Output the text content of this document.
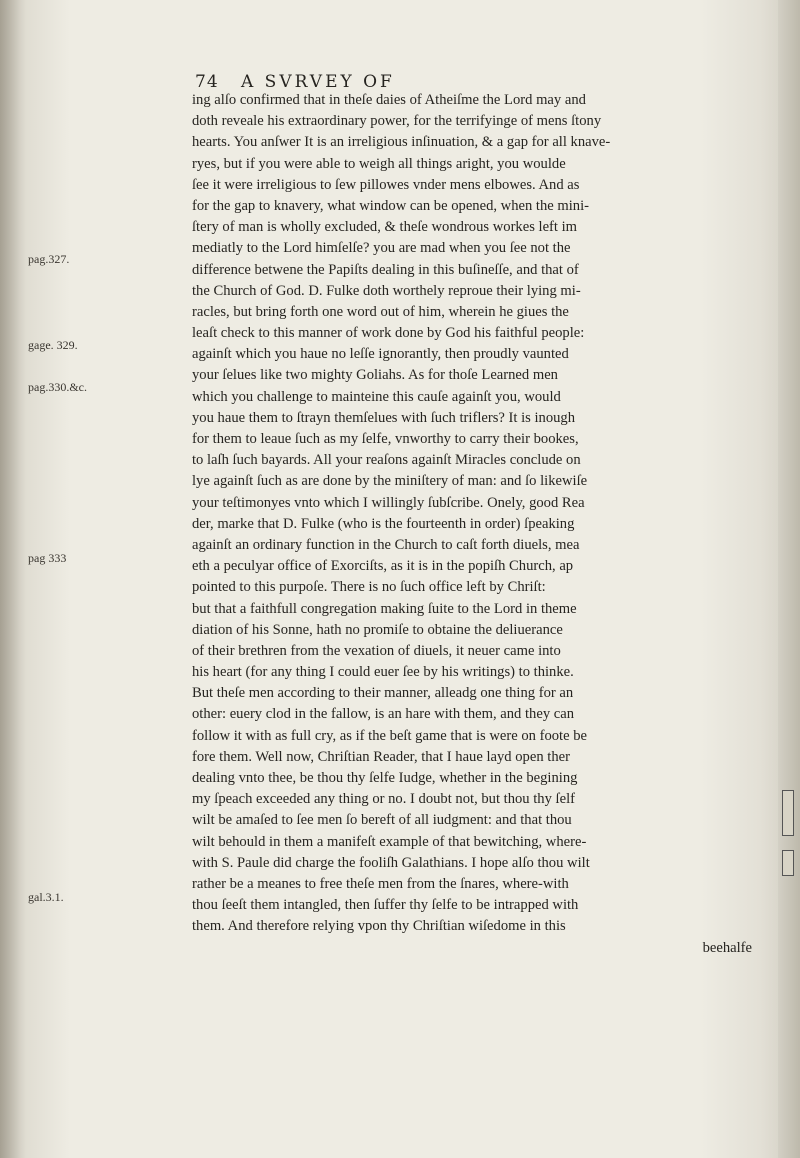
74 A SVRVEY OF
pag.327.
gage. 329.
pag.330.&c.
pag 333
gal.3.1.
ing alſo confirmed that in theſe daies of Atheiſme the Lord may and
doth reveale his extraordinary power, for the terrifyinge of mens ſtony
hearts. You anſwer It is an irreligious inſinuation, & a gap for all knave-
ryes, but if you were able to weigh all things aright, you woulde
ſee it were irreligious to ſew pillowes vnder mens elbowes. And as
for the gap to knavery, what window can be opened, when the mini-
ſtery of man is wholly excluded, & theſe wondrous workes left im
mediatly to the Lord himſelſe? you are mad when you ſee not the
difference betwene the Papiſts dealing in this buſineſſe, and that of
the Church of God. D. Fulke doth worthely reproue their lying mi-
racles, but bring forth one word out of him, wherein he giues the
leaſt check to this manner of work done by God his faithful people:
againſt which you haue no leſſe ignorantly, then proudly vaunted
your ſelues like two mighty Goliahs. As for thoſe Learned men
which you challenge to mainteine this cauſe againſt you, would
you haue them to ſtrayn themſelues with ſuch triflers? It is inough
for them to leaue ſuch as my ſelfe, vnworthy to carry their bookes,
to laſh ſuch bayards. All your reaſons againſt Miracles conclude on
lye againſt ſuch as are done by the miniſtery of man: and ſo likewiſe
your teſtimonyes vnto which I willingly ſubſcribe. Onely, good Rea
der, marke that D. Fulke (who is the fourteenth in order) ſpeaking
againſt an ordinary function in the Church to caſt forth diuels, mea
eth a peculyar office of Exorciſts, as it is in the popiſh Church, ap
pointed to this purpoſe. There is no ſuch office left by Chriſt:
but that a faithfull congregation making ſuite to the Lord in theme
diation of his Sonne, hath no promiſe to obtaine the deliuerance
of their brethren from the vexation of diuels, it neuer came into
his heart (for any thing I could euer ſee by his writings) to thinke.
But theſe men according to their manner, alleadg one thing for an
other: euery clod in the fallow, is an hare with them, and they can
follow it with as full cry, as if the beſt game that is were on foote be
fore them. Well now, Chriſtian Reader, that I haue layd open ther
dealing vnto thee, be thou thy ſelfe Iudge, whether in the begining
my ſpeach exceeded any thing or no. I doubt not, but thou thy ſelf
wilt be amaſed to ſee men ſo bereft of all iudgment: and that thou
wilt behould in them a manifeſt example of that bewitching, where-
with S. Paule did charge the fooliſh Galathians. I hope alſo thou wilt
rather be a meanes to free theſe men from the ſnares, where-with
thou ſeeſt them intangled, then ſuffer thy ſelfe to be intrapped with
them. And therefore relying vpon thy Chriſtian wiſedome in this
beehalfe
